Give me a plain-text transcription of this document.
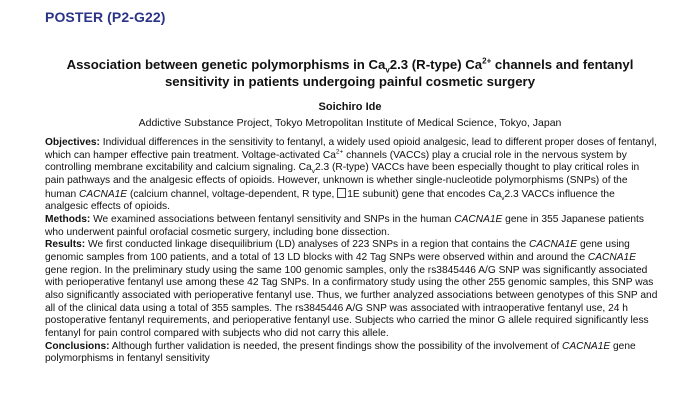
POSTER (P2-G22)
Association between genetic polymorphisms in $Ca_v2.3$ (R-type) $Ca^{2+}$ channels and fentanyl
sensitivity in patients undergoing painful cosmetic surgery
Soichiro Ide
Addictive Substance Project, Tokyo Metropolitan Institute of Medical Science, Tokyo, Japan

Objectives: Individual differences in the sensitivity to fentanyl, a widely used opioid analgesic, lead to different proper doses of fentanyl, which can hamper effective pain treatment. Voltage-activated $Ca^{2+}$ channels (VACCs) play a crucial role in the nervous system by controlling membrane excitability and calcium signaling. $Ca_v2.3$ (R-type) VACCs have been especially thought to play critical roles in pain pathways and the analgesic effects of opioids. However, unknown is whether single-nucleotide polymorphisms (SNPs) of the human CACNA1E (calcium channel, voltage-dependent, R type, 1E subunit) gene that encodes $Ca_v2.3$ VACCs influence the analgesic effects of opioids.

Methods: We examined associations between fentanyl sensitivity and SNPs in the human CACNA1E gene in 355 Japanese patients who underwent painful orofacial cosmetic surgery, including bone dissection.

Results: We first conducted linkage disequilibrium (LD) analyses of 223 SNPs in a region that contains the CACNA1E gene using genomic samples from 100 patients, and a total of 13 LD blocks with 42 Tag SNPs were observed within and around the CACNA1E gene region. In the preliminary study using the same 100 genomic samples, only the rs3845446 A/G SNP was significantly associated with perioperative fentanyl use among these 42 Tag SNPs. In a confirmatory study using the other 255 genomic samples, this SNP was also significantly associated with perioperative fentanyl use. Thus, we further analyzed associations between genotypes of this SNP and all of the clinical data using a total of 355 samples. The rs3845446 A/G SNP was associated with intraoperative fentanyl use, 24 h postoperative fentanyl requirements, and perioperative fentanyl use. Subjects who carried the minor G allele required significantly less fentanyl for pain control compared with subjects who did not carry this allele.

Conclusions: Although further validation is needed, the present findings show the possibility of the involvement of CACNA1E gene polymorphisms in fentanyl sensitivity
